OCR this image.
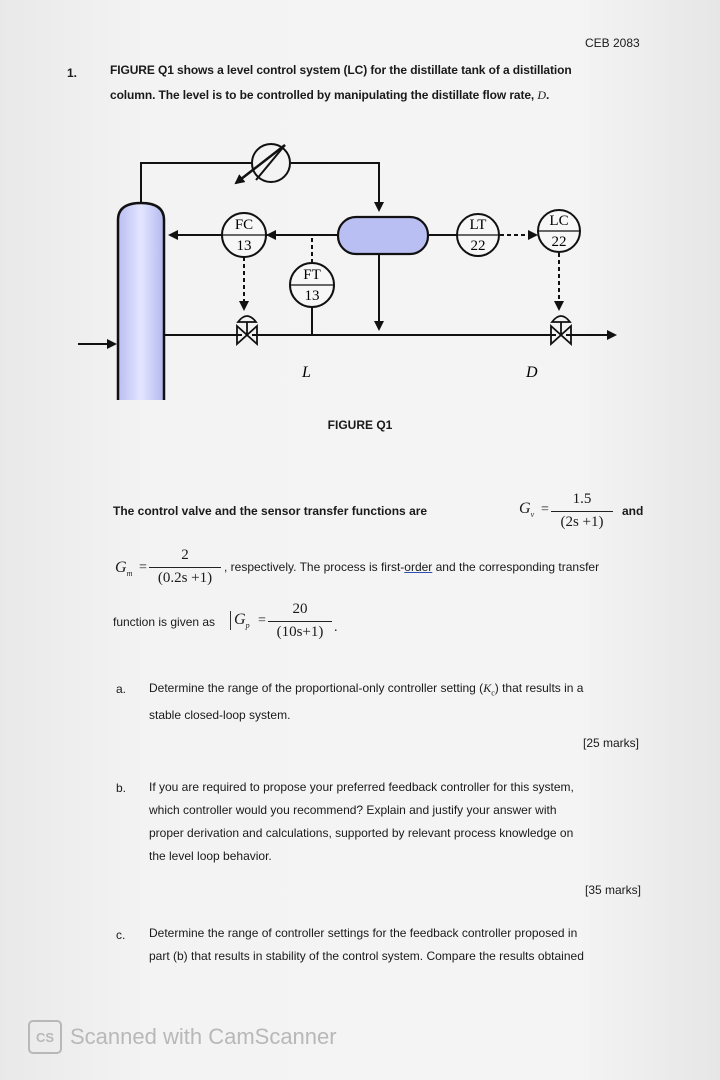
CEB 2083
1.	FIGURE Q1 shows a level control system (LC) for the distillate tank of a distillation
column. The level is to be controlled by manipulating the distillate flow rate, D.
FC
13
FT
13
LT
22
LC
22
L	D
FIGURE Q1
The control valve and the sensor transfer functions are	$G_v$ =
1.5
(2s +1)
and
$G_m$ =
2
(0.2s +1)
, respectively. The process is first-order and the corresponding transfer
function is given as $G_p$ =
20
(10s+1) .
a. Determine the range of the proportional-only controller setting $(K_c)$ that results in a
stable closed-loop system.
[25 marks]
b. If you are required to propose your preferred feedback controller for this system,
which controller would you recommend? Explain and justify your answer with
proper derivation and calculations, supported by relevant process knowledge on
the level loop behavior.
[35 marks]
c. Determine the range of controller settings for the feedback controller proposed in
part (b) that results in stability of the control system. Compare the results obtained
CS Scanned with CamScanner
